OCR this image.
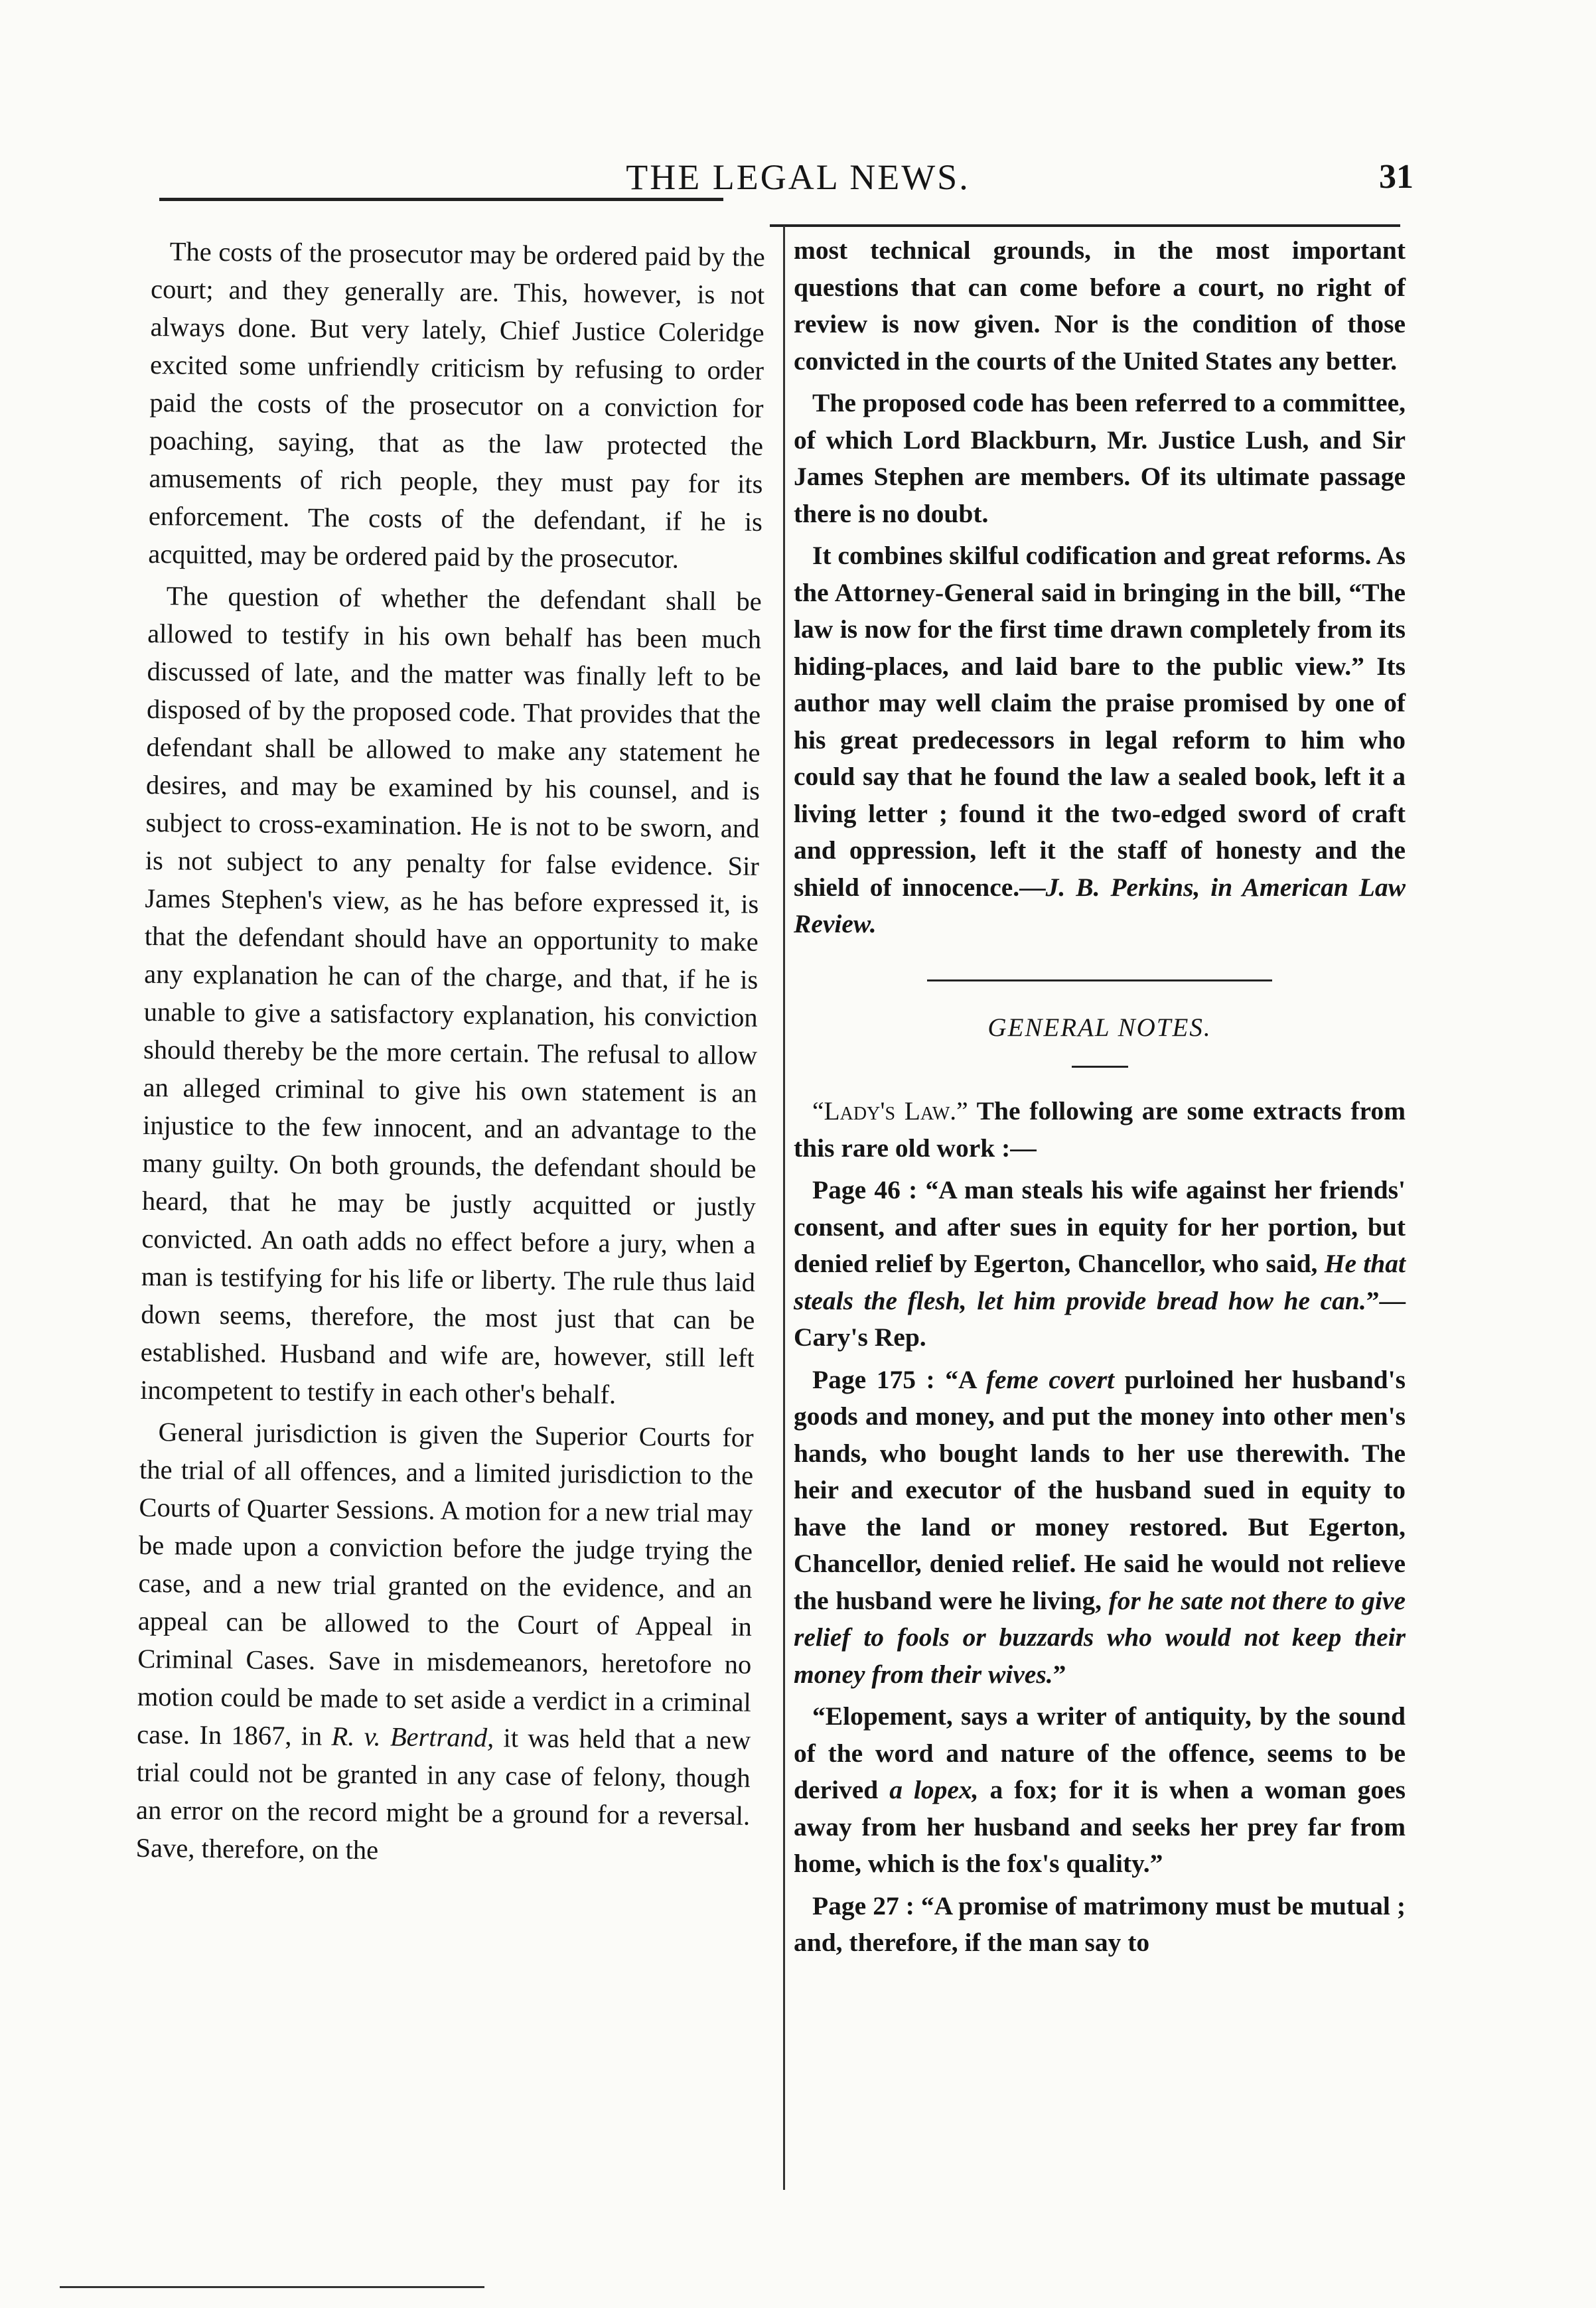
THE LEGAL NEWS.	31

The costs of the prosecutor may be ordered paid by the court; and they generally are. This, however, is not always done. But very lately, Chief Justice Coleridge excited some unfriendly criticism by refusing to order paid the costs of the prosecutor on a conviction for poaching, saying, that as the law protected the amusements of rich people, they must pay for its enforcement. The costs of the defendant, if he is acquitted, may be ordered paid by the prosecutor.

The question of whether the defendant shall be allowed to testify in his own behalf has been much discussed of late, and the matter was finally left to be disposed of by the proposed code. That provides that the defendant shall be allowed to make any statement he desires, and may be examined by his counsel, and is subject to cross-examination. He is not to be sworn, and is not subject to any penalty for false evidence. Sir James Stephen's view, as he has before expressed it, is that the defendant should have an opportunity to make any explanation he can of the charge, and that, if he is unable to give a satisfactory explanation, his conviction should thereby be the more certain. The refusal to allow an alleged criminal to give his own statement is an injustice to the few innocent, and an advantage to the many guilty. On both grounds, the defendant should be heard, that he may be justly acquitted or justly convicted. An oath adds no effect before a jury, when a man is testifying for his life or liberty. The rule thus laid down seems, therefore, the most just that can be established. Husband and wife are, however, still left incompetent to testify in each other's behalf.

General jurisdiction is given the Superior Courts for the trial of all offences, and a limited jurisdiction to the Courts of Quarter Sessions. A motion for a new trial may be made upon a conviction before the judge trying the case, and a new trial granted on the evidence, and an appeal can be allowed to the Court of Appeal in Criminal Cases. Save in misdemeanors, heretofore no motion could be made to set aside a verdict in a criminal case. In 1867, in R. v. Bertrand, it was held that a new trial could not be granted in any case of felony, though an error on the record might be a ground for a reversal. Save, therefore, on the

most technical grounds, in the most important questions that can come before a court, no right of review is now given. Nor is the condition of those convicted in the courts of the United States any better.

The proposed code has been referred to a committee, of which Lord Blackburn, Mr. Justice Lush, and Sir James Stephen are members. Of its ultimate passage there is no doubt.

It combines skilful codification and great reforms. As the Attorney-General said in bringing in the bill, “The law is now for the first time drawn completely from its hiding-places, and laid bare to the public view.” Its author may well claim the praise promised by one of his great predecessors in legal reform to him who could say that he found the law a sealed book, left it a living letter ; found it the two-edged sword of craft and oppression, left it the staff of honesty and the shield of innocence.—J. B. Perkins, in American Law Review.

GENERAL NOTES.

“Lady's Law.” The following are some extracts from this rare old work :—

Page 46 : “A man steals his wife against her friends' consent, and after sues in equity for her portion, but denied relief by Egerton, Chancellor, who said, He that steals the flesh, let him provide bread how he can.”—Cary's Rep.

Page 175 : “A feme covert purloined her husband's goods and money, and put the money into other men's hands, who bought lands to her use therewith. The heir and executor of the husband sued in equity to have the land or money restored. But Egerton, Chancellor, denied relief. He said he would not relieve the husband were he living, for he sate not there to give relief to fools or buzzards who would not keep their money from their wives.”

“Elopement, says a writer of antiquity, by the sound of the word and nature of the offence, seems to be derived a lopex, a fox; for it is when a woman goes away from her husband and seeks her prey far from home, which is the fox's quality.”

Page 27 : “A promise of matrimony must be mutual ; and, therefore, if the man say to
